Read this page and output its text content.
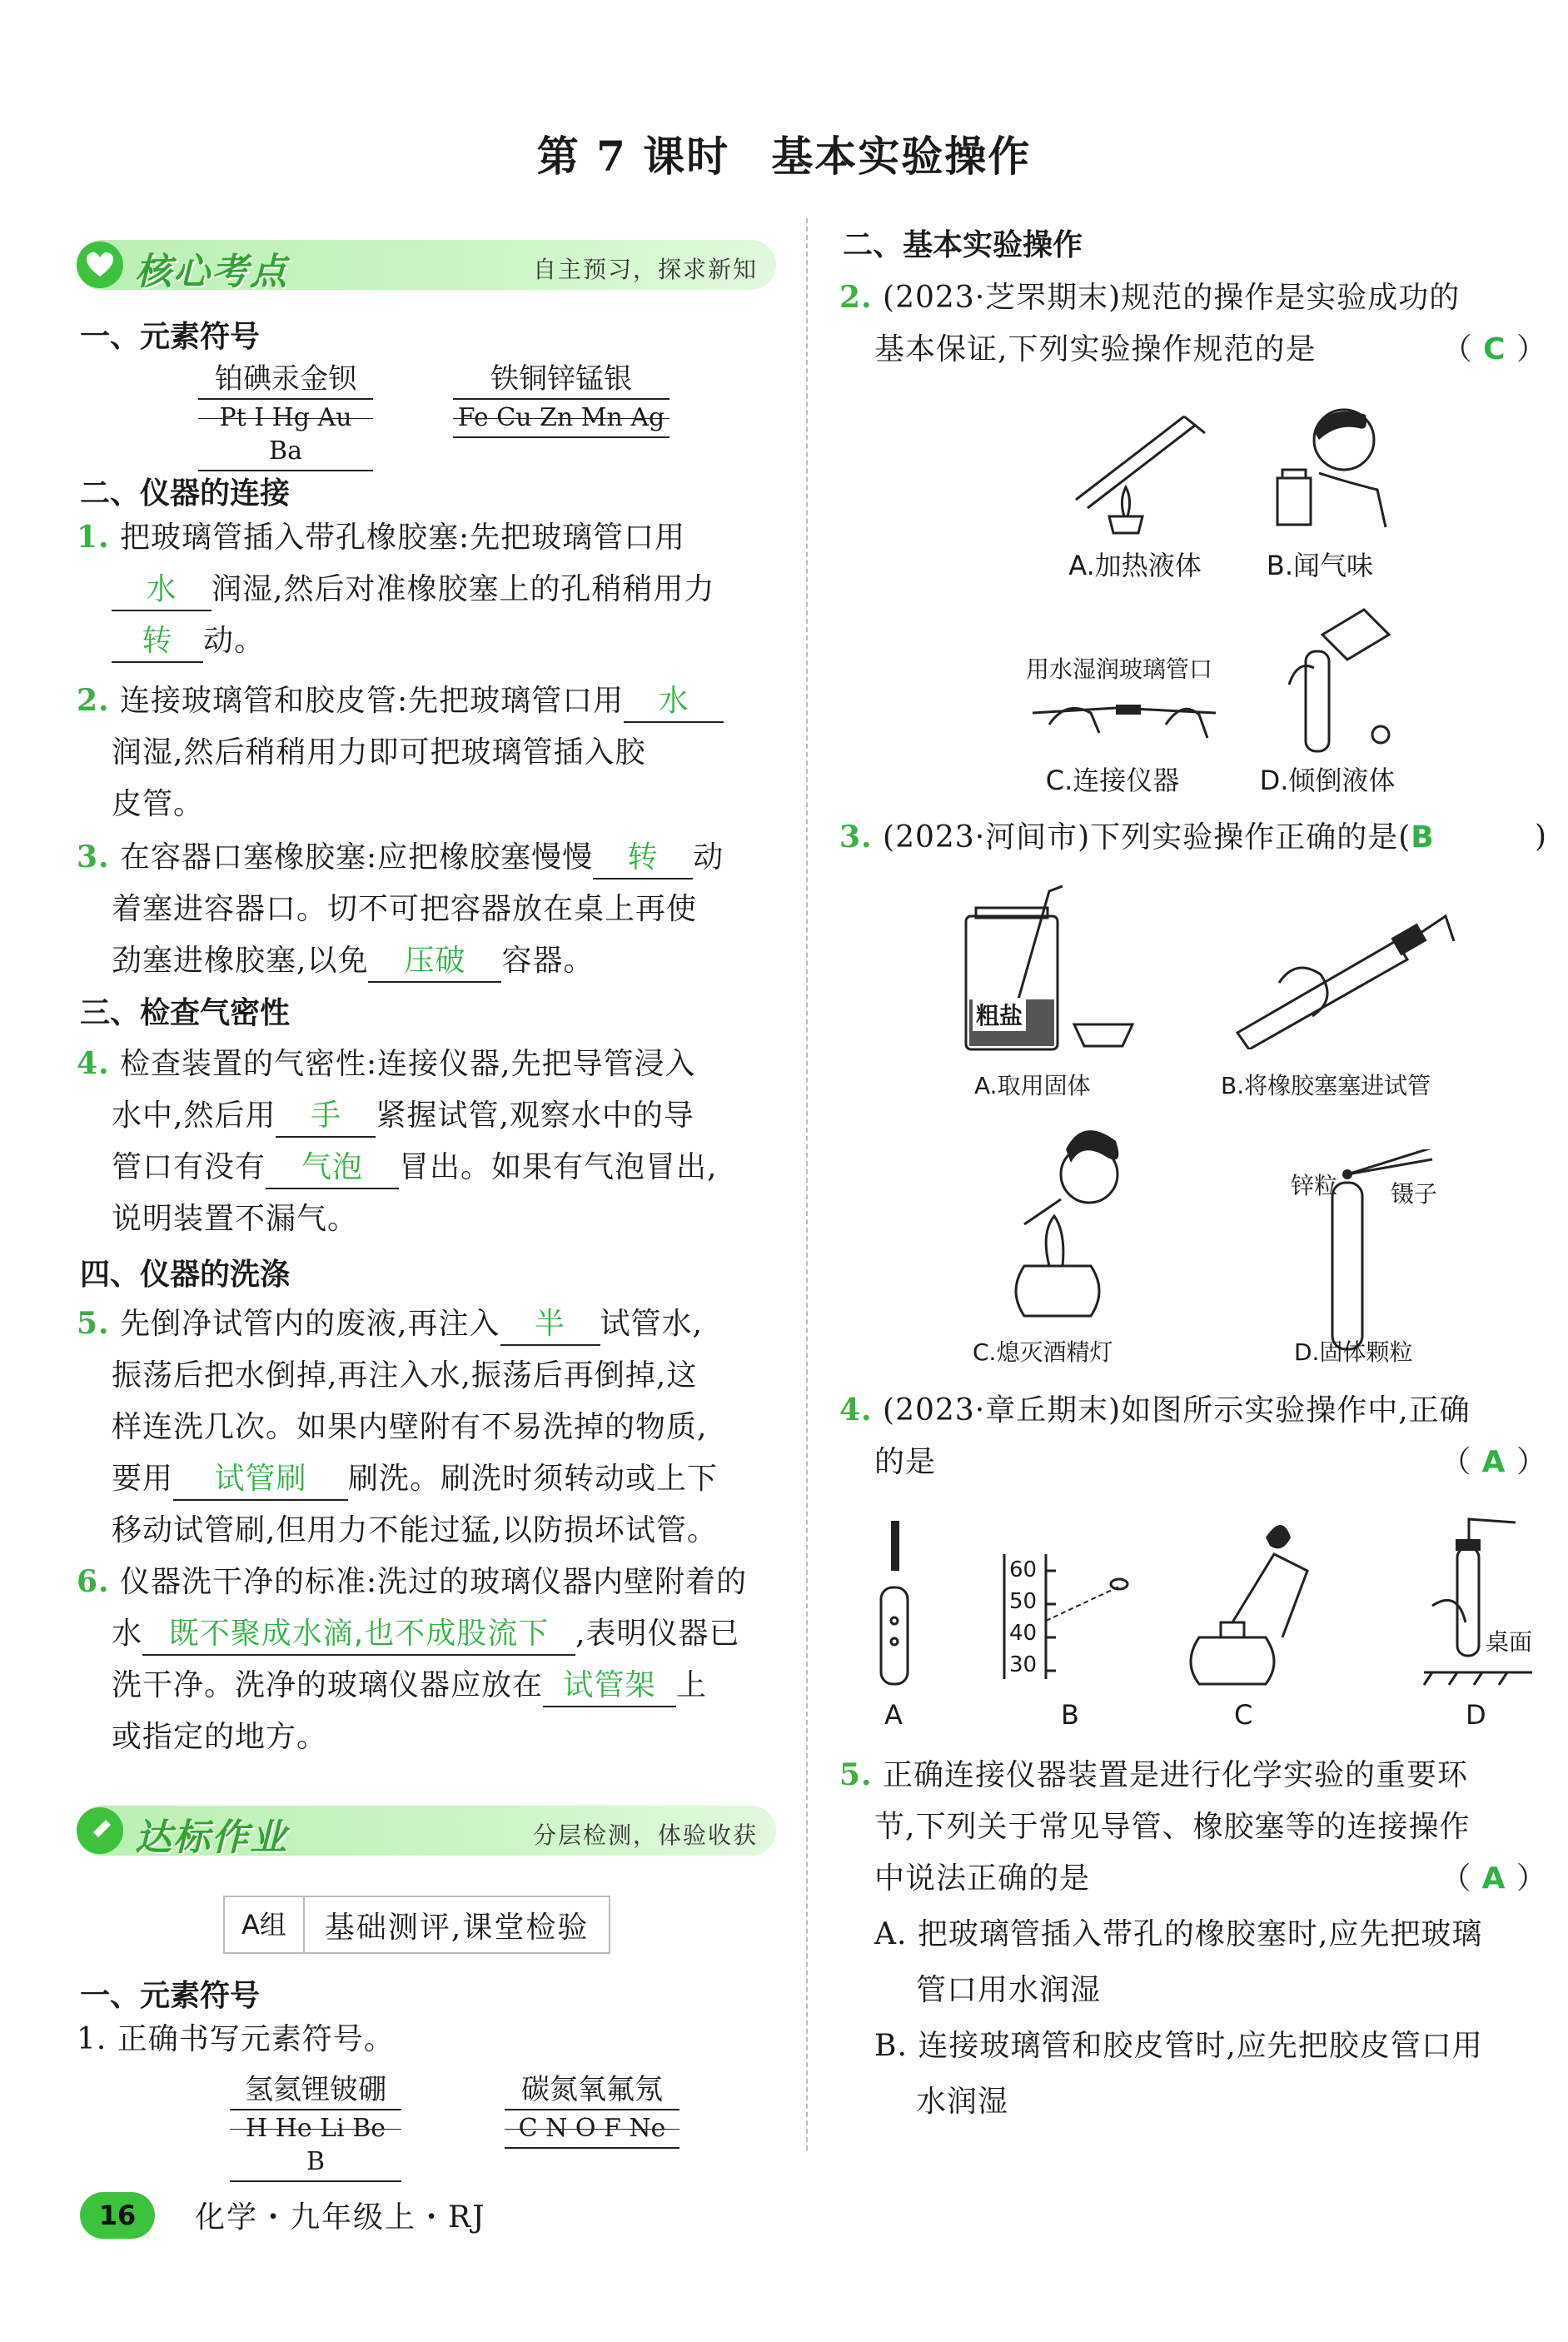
第 7 课时 基本实验操作
核心考点	自主预习，探求新知
一、元素符号
铂碘汞金钡
Pt I Hg Au Ba
铁铜锌锰银
Fe Cu Zn Mn Ag
二、仪器的连接
1. 把玻璃管插入带孔橡胶塞:先把玻璃管口用
水 润湿,然后对准橡胶塞上的孔稍稍用力
转 动。
2. 连接玻璃管和胶皮管:先把玻璃管口用 水
润湿,然后稍稍用力即可把玻璃管插入胶
皮管。
3. 在容器口塞橡胶塞:应把橡胶塞慢慢 转 动
着塞进容器口。切不可把容器放在桌上再使
劲塞进橡胶塞,以免 压破 容器。
三、检查气密性
4. 检查装置的气密性:连接仪器,先把导管浸入
水中,然后用 手 紧握试管,观察水中的导
管口有没有 气泡 冒出。如果有气泡冒出,
说明装置不漏气。
四、仪器的洗涤
5. 先倒净试管内的废液,再注入 半 试管水,
振荡后把水倒掉,再注入水,振荡后再倒掉,这
样连洗几次。如果内壁附有不易洗掉的物质,
要用 试管刷 刷洗。刷洗时须转动或上下
移动试管刷,但用力不能过猛,以防损坏试管。
6. 仪器洗干净的标准:洗过的玻璃仪器内壁附着的
水 既不聚成水滴,也不成股流下 ,表明仪器已
洗干净。洗净的玻璃仪器应放在 试管架 上
或指定的地方。
达标作业	分层检测，体验收获
A组	基础测评,课堂检验
一、元素符号
1. 正确书写元素符号。
氢氦锂铍硼
H He Li Be B
碳氮氧氟氖
C N O F Ne
16	化学・九年级上・RJ
二、基本实验操作
2. (2023·芝罘期末)规范的操作是实验成功的
基本保证,下列实验操作规范的是	（ C ）
A.加热液体	B.闻气味
用水湿润玻璃管口
C.连接仪器	D.倾倒液体
3. (2023·河间市)下列实验操作正确的是(B	)
粗盐
A.取用固体	B.将橡胶塞塞进试管
锌粒 镊子
C.熄灭酒精灯	D.固体颗粒
4. (2023·章丘期末)如图所示实验操作中,正确
的是	（ A ）
60
50
40
30
桌面
A	B	C	D
5. 正确连接仪器装置是进行化学实验的重要环
节,下列关于常见导管、橡胶塞等的连接操作
中说法正确的是	（ A ）
A. 把玻璃管插入带孔的橡胶塞时,应先把玻璃
管口用水润湿
B. 连接玻璃管和胶皮管时,应先把胶皮管口用
水润湿
